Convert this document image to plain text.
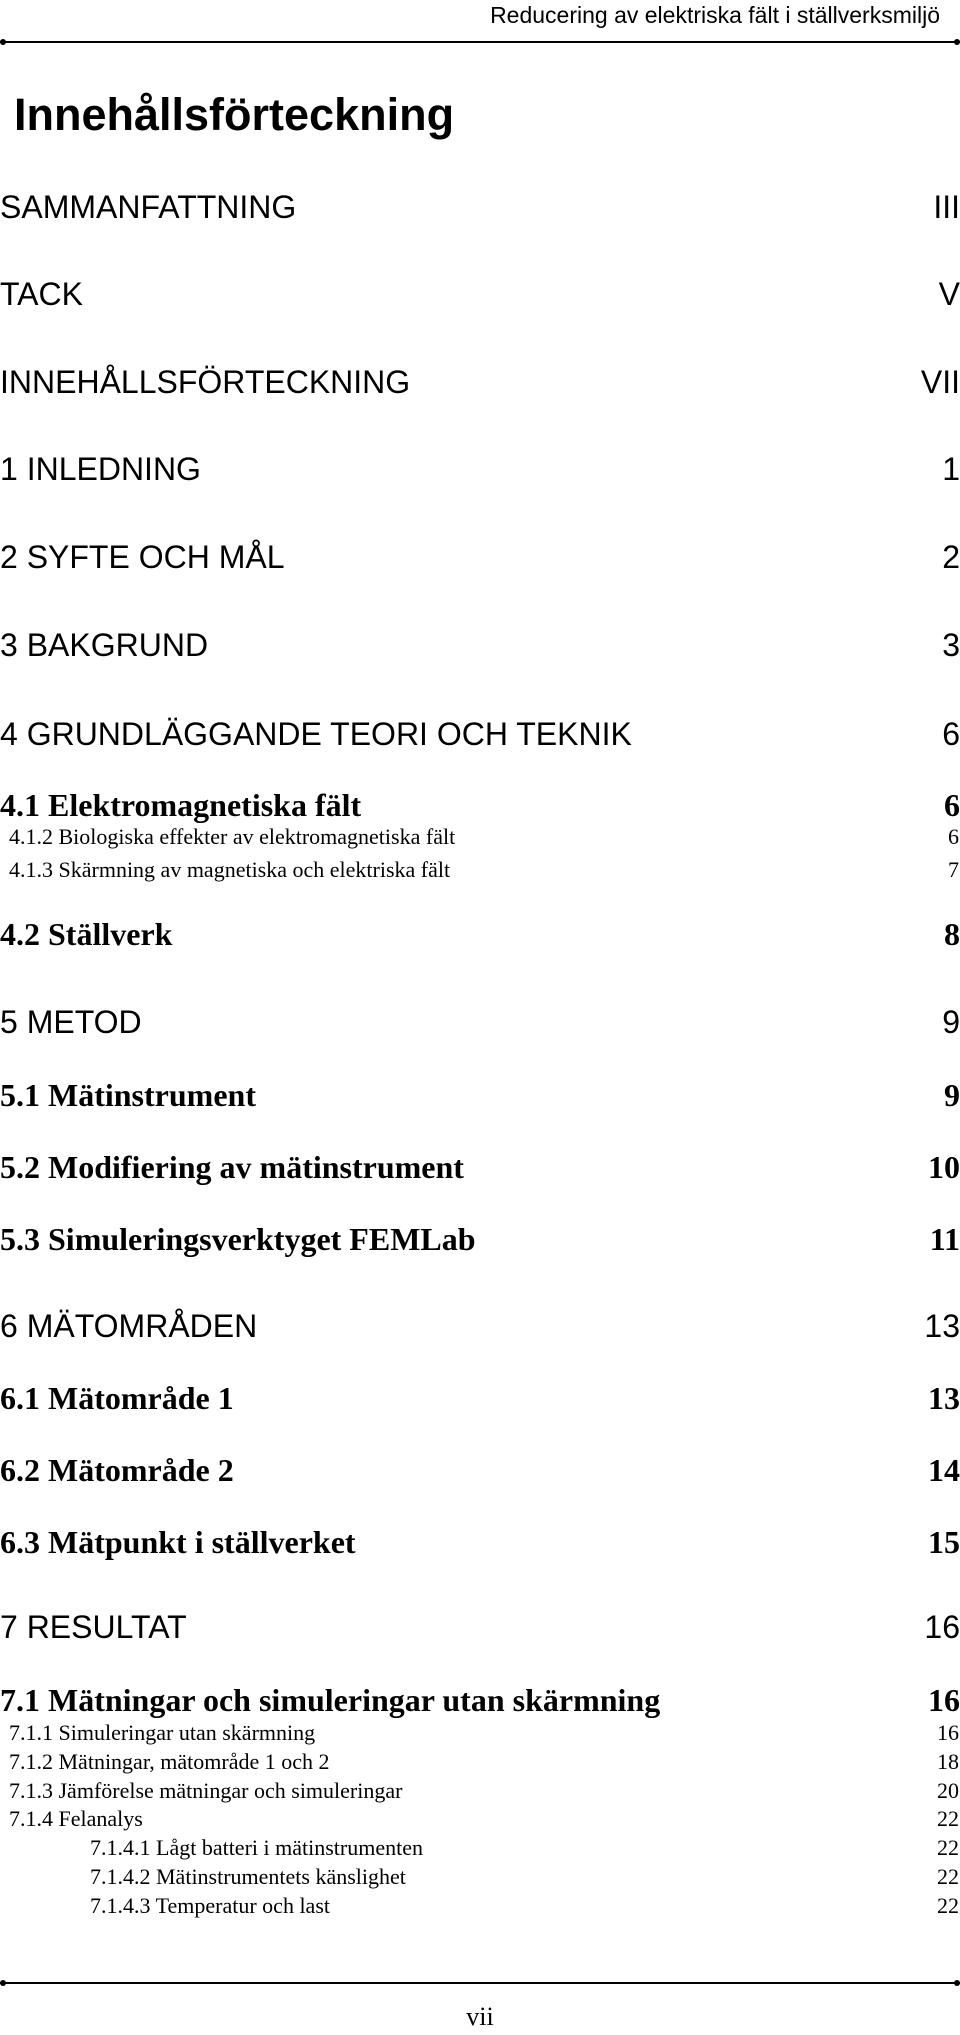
Reducering av elektriska fält i ställverksmiljö
Innehållsförteckning
SAMMANFATTNING	III
TACK	V
INNEHÅLLSFÖRTECKNING	VII
1 INLEDNING	1
2 SYFTE OCH MÅL	2
3 BAKGRUND	3
4 GRUNDLÄGGANDE TEORI OCH TEKNIK	6
4.1 Elektromagnetiska fält	6
4.1.2 Biologiska effekter av elektromagnetiska fält	6
4.1.3 Skärmning av magnetiska och elektriska fält	7
4.2 Ställverk	8
5 METOD	9
5.1 Mätinstrument	9
5.2 Modifiering av mätinstrument	10
5.3 Simuleringsverktyget FEMLab	11
6 MÄTOMRÅDEN	13
6.1 Mätområde 1	13
6.2 Mätområde 2	14
6.3 Mätpunkt i ställverket	15
7 RESULTAT	16
7.1 Mätningar och simuleringar utan skärmning	16
7.1.1 Simuleringar utan skärmning	16
7.1.2 Mätningar, mätområde 1 och 2	18
7.1.3 Jämförelse mätningar och simuleringar	20
7.1.4 Felanalys	22
7.1.4.1 Lågt batteri i mätinstrumenten	22
7.1.4.2 Mätinstrumentets känslighet	22
7.1.4.3 Temperatur och last	22
vii
